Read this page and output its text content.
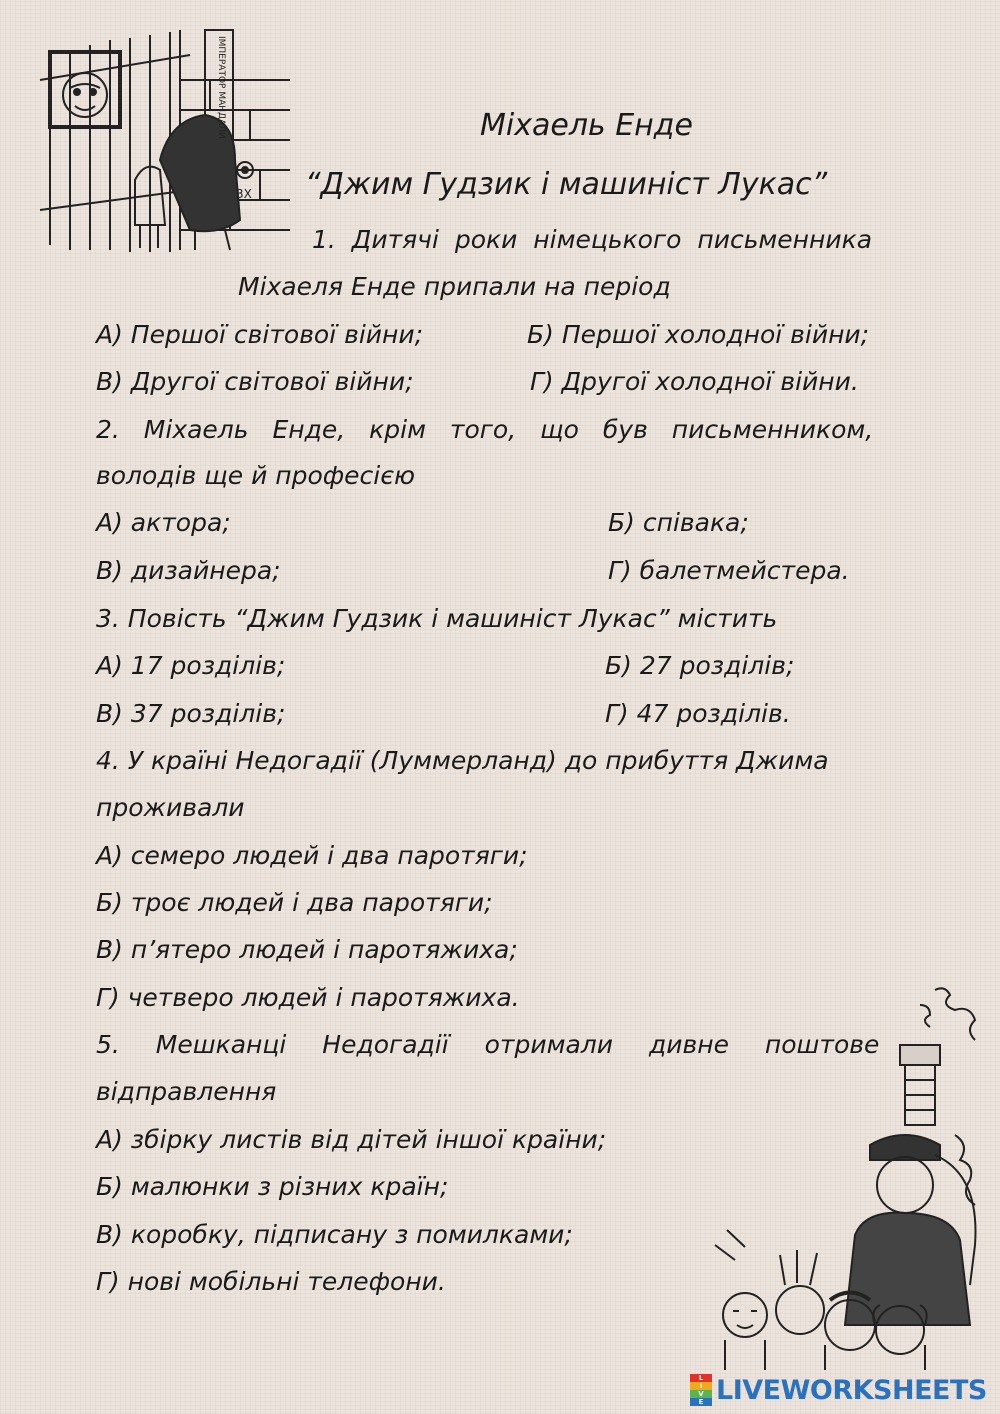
ІМПЕРАТОР МАНДАЛИ
3Х
Міхаель Енде
“Джим Гудзик і машиніст Лукас”
1. Дитячі роки німецького письменника
Міхаеля Енде припали на період
А) Першої світової війни;	Б) Першої холодної війни;
В) Другої світової війни;	Г) Другої холодної війни.
2. Міхаель Енде, крім того, що був письменником,
володів ще й професією
А) актора;	Б) співака;
В) дизайнера;	Г) балетмейстера.
3. Повість “Джим Гудзик і машиніст Лукас” містить
А) 17 розділів;	Б) 27 розділів;
В) 37 розділів;	Г) 47 розділів.
4. У країні Недогадії (Луммерланд) до прибуття Джима
проживали
А) семеро людей і два паротяги;
Б) троє людей і два паротяги;
В) п’ятеро людей і паротяжиха;
Г) четверо людей і паротяжиха.
5. Мешканці Недогадії отримали дивне поштове
відправлення
А) збірку листів від дітей іншої країни;
Б) малюнки з різних країн;
В) коробку, підписану з помилками;
Г) нові мобільні телефони.
L
I
V
E LIVEWORKSHEETS
